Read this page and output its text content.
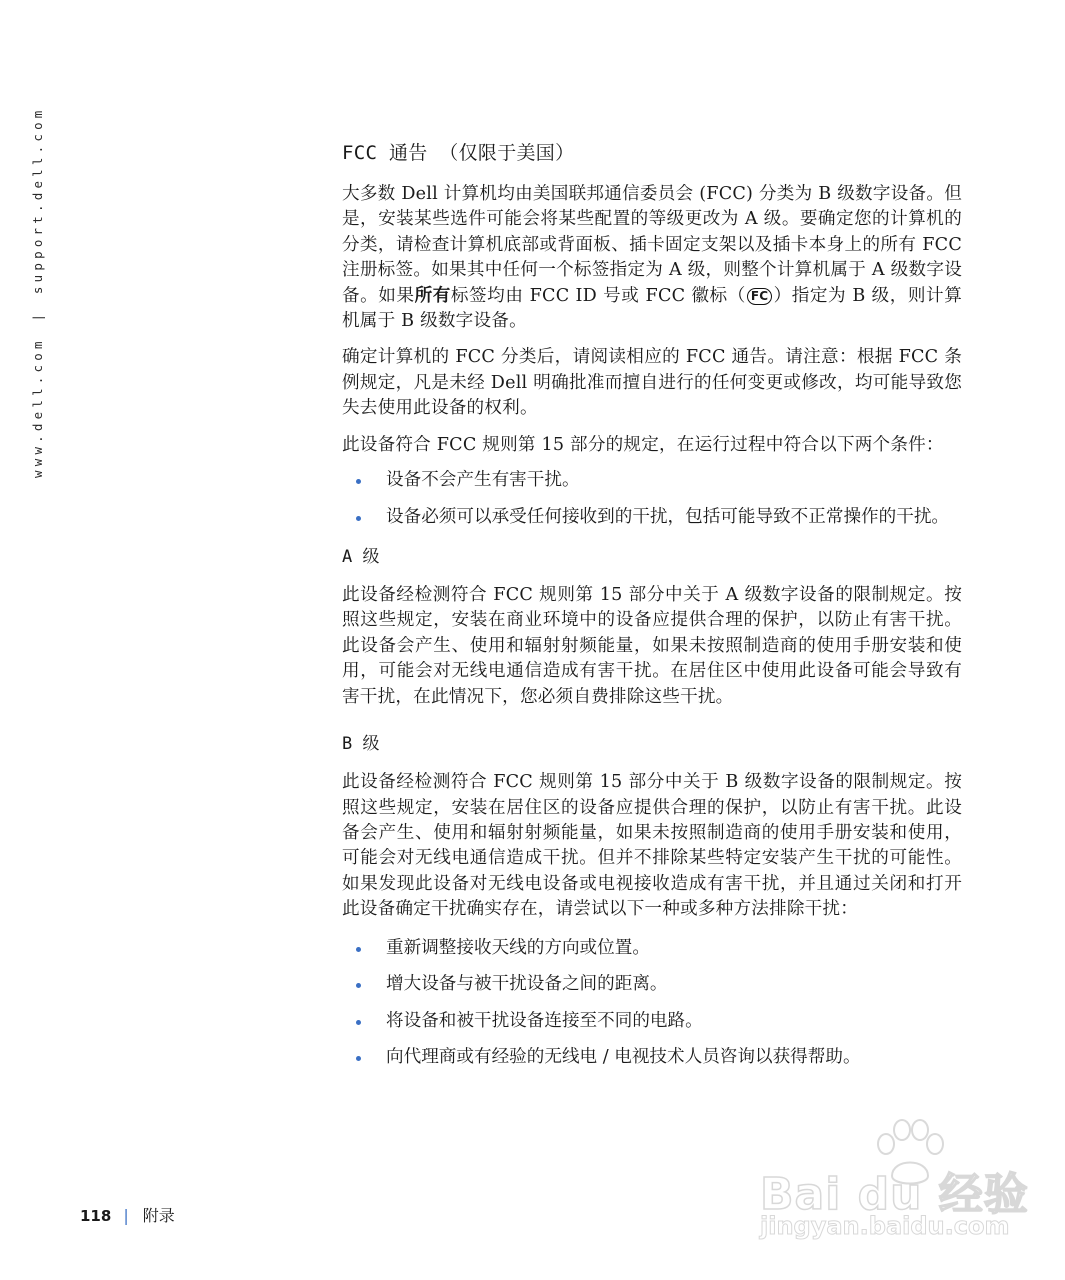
www.dell.com | support.dell.com	FCC 通告 （仅限于美国）

大多数 Dell 计算机均由美国联邦通信委员会 (FCC) 分类为 B 级数字设备。但是，安装某些选件可能会将某些配置的等级更改为 A 级。要确定您的计算机的分类，请检查计算机底部或背面板、插卡固定支架以及插卡本身上的所有 FCC 注册标签。如果其中任何一个标签指定为 A 级，则整个计算机属于 A 级数字设备。如果所有标签均由 FCC ID 号或 FCC 徽标（ FC ）指定为 B 级，则计算机属于 B 级数字设备。

确定计算机的 FCC 分类后，请阅读相应的 FCC 通告。请注意：根据 FCC 条例规定，凡是未经 Dell 明确批准而擅自进行的任何变更或修改，均可能导致您失去使用此设备的权利。

此设备符合 FCC 规则第 15 部分的规定，在运行过程中符合以下两个条件：

设备不会产生有害干扰。
设备必须可以承受任何接收到的干扰，包括可能导致不正常操作的干扰。
A 级

此设备经检测符合 FCC 规则第 15 部分中关于 A 级数字设备的限制规定。按照这些规定，安装在商业环境中的设备应提供合理的保护，以防止有害干扰。此设备会产生、使用和辐射射频能量，如果未按照制造商的使用手册安装和使用，可能会对无线电通信造成有害干扰。在居住区中使用此设备可能会导致有害干扰，在此情况下，您必须自费排除这些干扰。

B 级

此设备经检测符合 FCC 规则第 15 部分中关于 B 级数字设备的限制规定。按照这些规定，安装在居住区的设备应提供合理的保护，以防止有害干扰。此设备会产生、使用和辐射射频能量，如果未按照制造商的使用手册安装和使用，可能会对无线电通信造成干扰。但并不排除某些特定安装产生干扰的可能性。如果发现此设备对无线电设备或电视接收造成有害干扰，并且通过关闭和打开此设备确定干扰确实存在，请尝试以下一种或多种方法排除干扰：

重新调整接收天线的方向或位置。
增大设备与被干扰设备之间的距离。
将设备和被干扰设备连接至不同的电路。
向代理商或有经验的无线电 / 电视技术人员咨询以获得帮助。
118 | 附录	Bai du 经验
jingyan.baidu.com
